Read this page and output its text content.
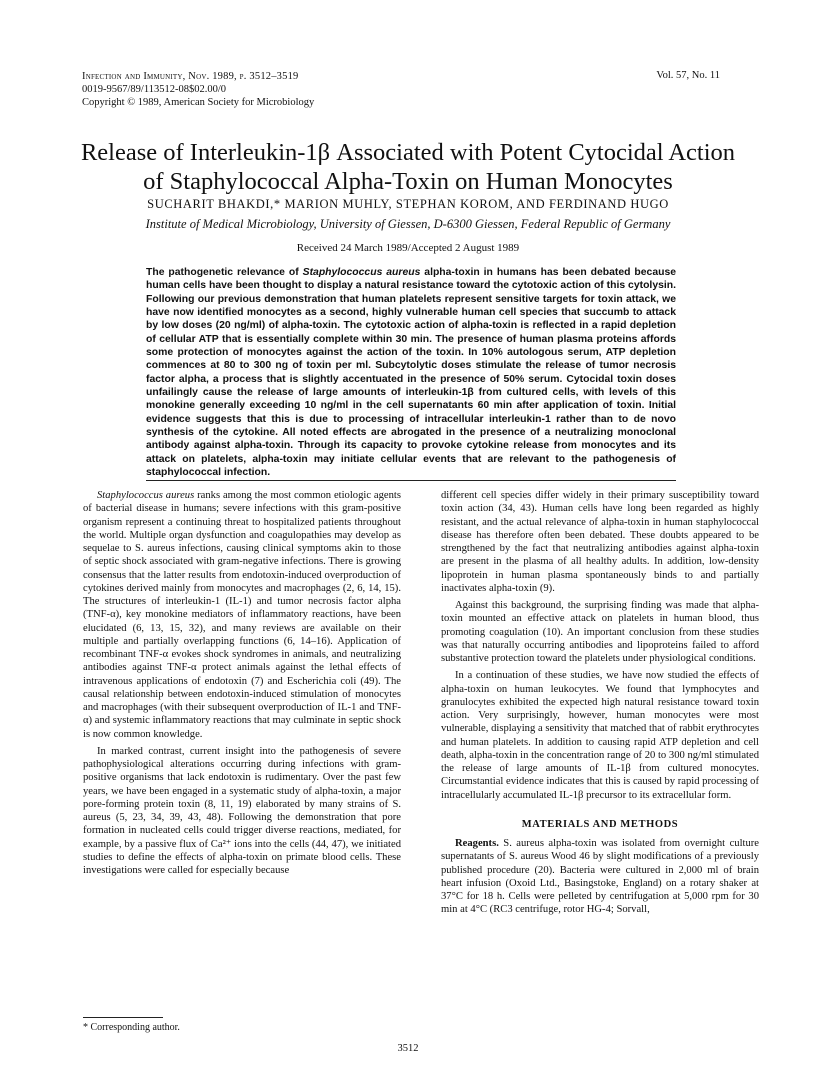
Infection and Immunity, Nov. 1989, p. 3512–3519
0019-9567/89/113512-08$02.00/0
Copyright © 1989, American Society for Microbiology
Vol. 57, No. 11
Release of Interleukin-1β Associated with Potent Cytocidal Action
of Staphylococcal Alpha-Toxin on Human Monocytes
SUCHARIT BHAKDI,* MARION MUHLY, STEPHAN KOROM, AND FERDINAND HUGO
Institute of Medical Microbiology, University of Giessen, D-6300 Giessen, Federal Republic of Germany
Received 24 March 1989/Accepted 2 August 1989
The pathogenetic relevance of Staphylococcus aureus alpha-toxin in humans has been debated because human cells have been thought to display a natural resistance toward the cytotoxic action of this cytolysin. Following our previous demonstration that human platelets represent sensitive targets for toxin attack, we have now identified monocytes as a second, highly vulnerable human cell species that succumb to attack by low doses (20 ng/ml) of alpha-toxin. The cytotoxic action of alpha-toxin is reflected in a rapid depletion of cellular ATP that is essentially complete within 30 min. The presence of human plasma proteins affords some protection of monocytes against the action of the toxin. In 10% autologous serum, ATP depletion commences at 80 to 300 ng of toxin per ml. Subcytolytic doses stimulate the release of tumor necrosis factor alpha, a process that is slightly accentuated in the presence of 50% serum. Cytocidal toxin doses unfailingly cause the release of large amounts of interleukin-1β from cultured cells, with levels of this monokine generally exceeding 10 ng/ml in the cell supernatants 60 min after application of toxin. Initial evidence suggests that this is due to processing of intracellular interleukin-1 rather than to de novo synthesis of the cytokine. All noted effects are abrogated in the presence of a neutralizing monoclonal antibody against alpha-toxin. Through its capacity to provoke cytokine release from monocytes and its attack on platelets, alpha-toxin may initiate cellular events that are relevant to the pathogenesis of staphylococcal infection.

Staphylococcus aureus ranks among the most common etiologic agents of bacterial disease in humans; severe infections with this gram-positive organism represent a continuing threat to hospitalized patients throughout the world. Multiple organ dysfunction and coagulopathies may develop as sequelae to S. aureus infections, causing clinical symptoms akin to those of septic shock associated with gram-negative infections. There is growing consensus that the latter results from endotoxin-induced overproduction of cytokines derived mainly from monocytes and macrophages (2, 6, 14, 15). The structures of interleukin-1 (IL-1) and tumor necrosis factor alpha (TNF-α), key monokine mediators of inflammatory reactions, have been elucidated (6, 13, 15, 32), and many reviews are available on their multiple and partially overlapping functions (6, 14–16). Application of recombinant TNF-α evokes shock syndromes in animals, and neutralizing antibodies against TNF-α protect animals against the lethal effects of intravenous applications of endotoxin (7) and Escherichia coli (49). The causal relationship between endotoxin-induced stimulation of monocytes and macrophages (with their subsequent overproduction of IL-1 and TNF-α) and systemic inflammatory reactions that may culminate in septic shock is now common knowledge.

In marked contrast, current insight into the pathogenesis of severe pathophysiological alterations occurring during infections with gram-positive organisms that lack endotoxin is rudimentary. Over the past few years, we have been engaged in a systematic study of alpha-toxin, a major pore-forming protein toxin (8, 11, 19) elaborated by many strains of S. aureus (5, 23, 34, 39, 43, 48). Following the demonstration that pore formation in nucleated cells could trigger diverse reactions, mediated, for example, by a passive flux of Ca²⁺ ions into the cells (44, 47), we initiated studies to define the effects of alpha-toxin on primate blood cells. These investigations were called for especially because

different cell species differ widely in their primary susceptibility toward toxin action (34, 43). Human cells have long been regarded as highly resistant, and the actual relevance of alpha-toxin in human staphylococcal disease has therefore often been debated. These doubts appeared to be strengthened by the fact that neutralizing antibodies against alpha-toxin are present in the plasma of all healthy adults. In addition, low-density lipoprotein in human plasma spontaneously binds to and partially inactivates alpha-toxin (9).

Against this background, the surprising finding was made that alpha-toxin mounted an effective attack on platelets in human blood, thus promoting coagulation (10). An important conclusion from these studies was that naturally occurring antibodies and lipoproteins failed to afford substantive protection toward the platelets under physiological conditions.

In a continuation of these studies, we have now studied the effects of alpha-toxin on human leukocytes. We found that lymphocytes and granulocytes exhibited the expected high natural resistance toward toxin action. Very surprisingly, however, human monocytes were most vulnerable, displaying a sensitivity that matched that of rabbit erythrocytes and human platelets. In addition to causing rapid ATP depletion and cell death, alpha-toxin in the concentration range of 20 to 300 ng/ml stimulated the release of large amounts of IL-1β from cultured monocytes. Circumstantial evidence indicates that this is caused by rapid processing of intracellularly accumulated IL-1β precursor to its extracellular form.

MATERIALS AND METHODS

Reagents. S. aureus alpha-toxin was isolated from overnight culture supernatants of S. aureus Wood 46 by slight modifications of a previously published procedure (20). Bacteria were cultured in 2,000 ml of brain heart infusion (Oxoid Ltd., Basingstoke, England) on a rotary shaker at 37°C for 18 h. Cells were pelleted by centrifugation at 5,000 rpm for 30 min at 4°C (RC3 centrifuge, rotor HG-4; Sorvall,

* Corresponding author.
3512
